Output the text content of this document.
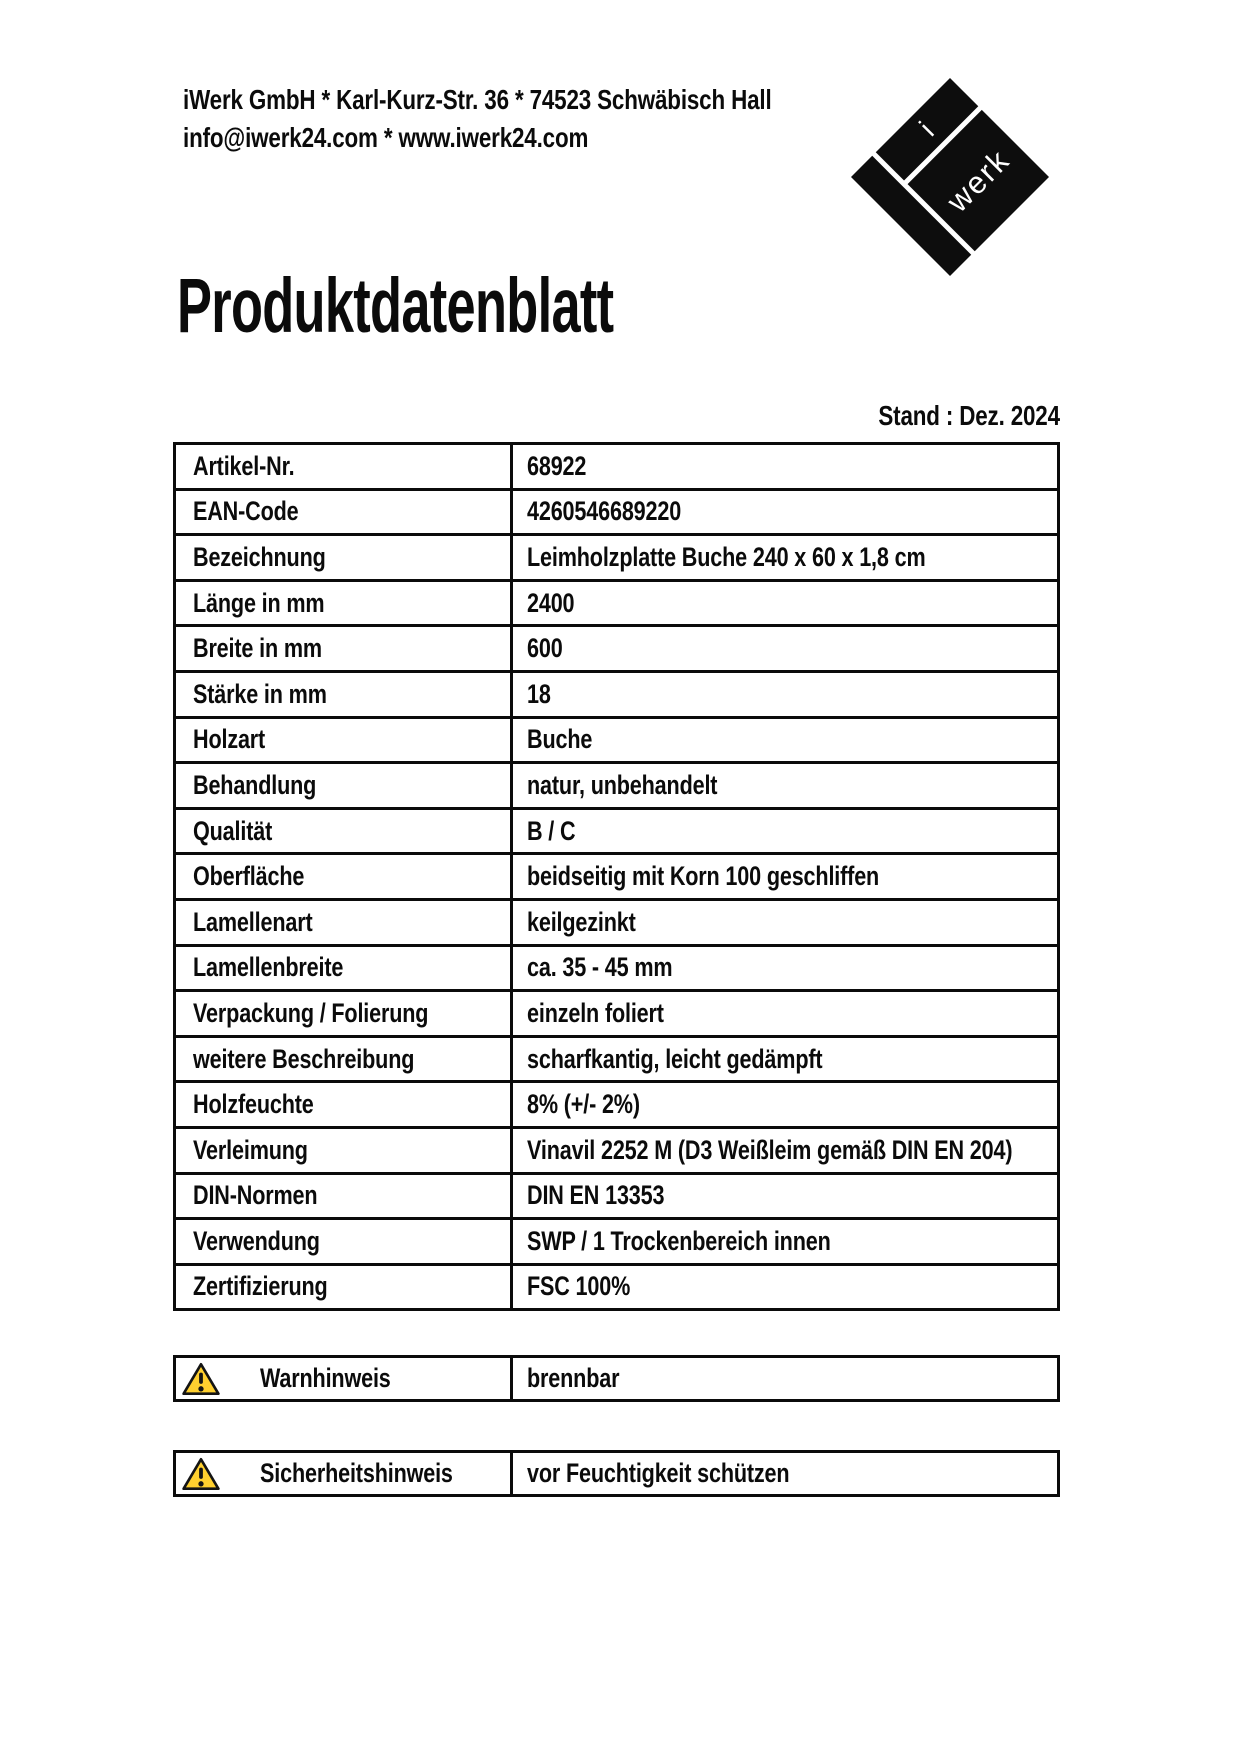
iWerk GmbH * Karl-Kurz-Str. 36 * 74523 Schwäbisch Hall
info@iwerk24.com * www.iwerk24.com	i
werk
Produktdatenblatt
Stand : Dez. 2024
Artikel-Nr.	68922
EAN-Code	4260546689220
Bezeichnung	Leimholzplatte Buche 240 x 60 x 1,8 cm
Länge in mm	2400
Breite in mm	600
Stärke in mm	18
Holzart	Buche
Behandlung	natur, unbehandelt
Qualität	B / C
Oberfläche	beidseitig mit Korn 100 geschliffen
Lamellenart	keilgezinkt
Lamellenbreite	ca. 35 - 45 mm
Verpackung / Folierung	einzeln foliert
weitere Beschreibung	scharfkantig, leicht gedämpft
Holzfeuchte	8% (+/- 2%)
Verleimung	Vinavil 2252 M (D3 Weißleim gemäß DIN EN 204)
DIN-Normen	DIN EN 13353
Verwendung	SWP / 1 Trockenbereich innen
Zertifizierung	FSC 100%
Warnhinweis	brennbar
Sicherheitshinweis	vor Feuchtigkeit schützen
